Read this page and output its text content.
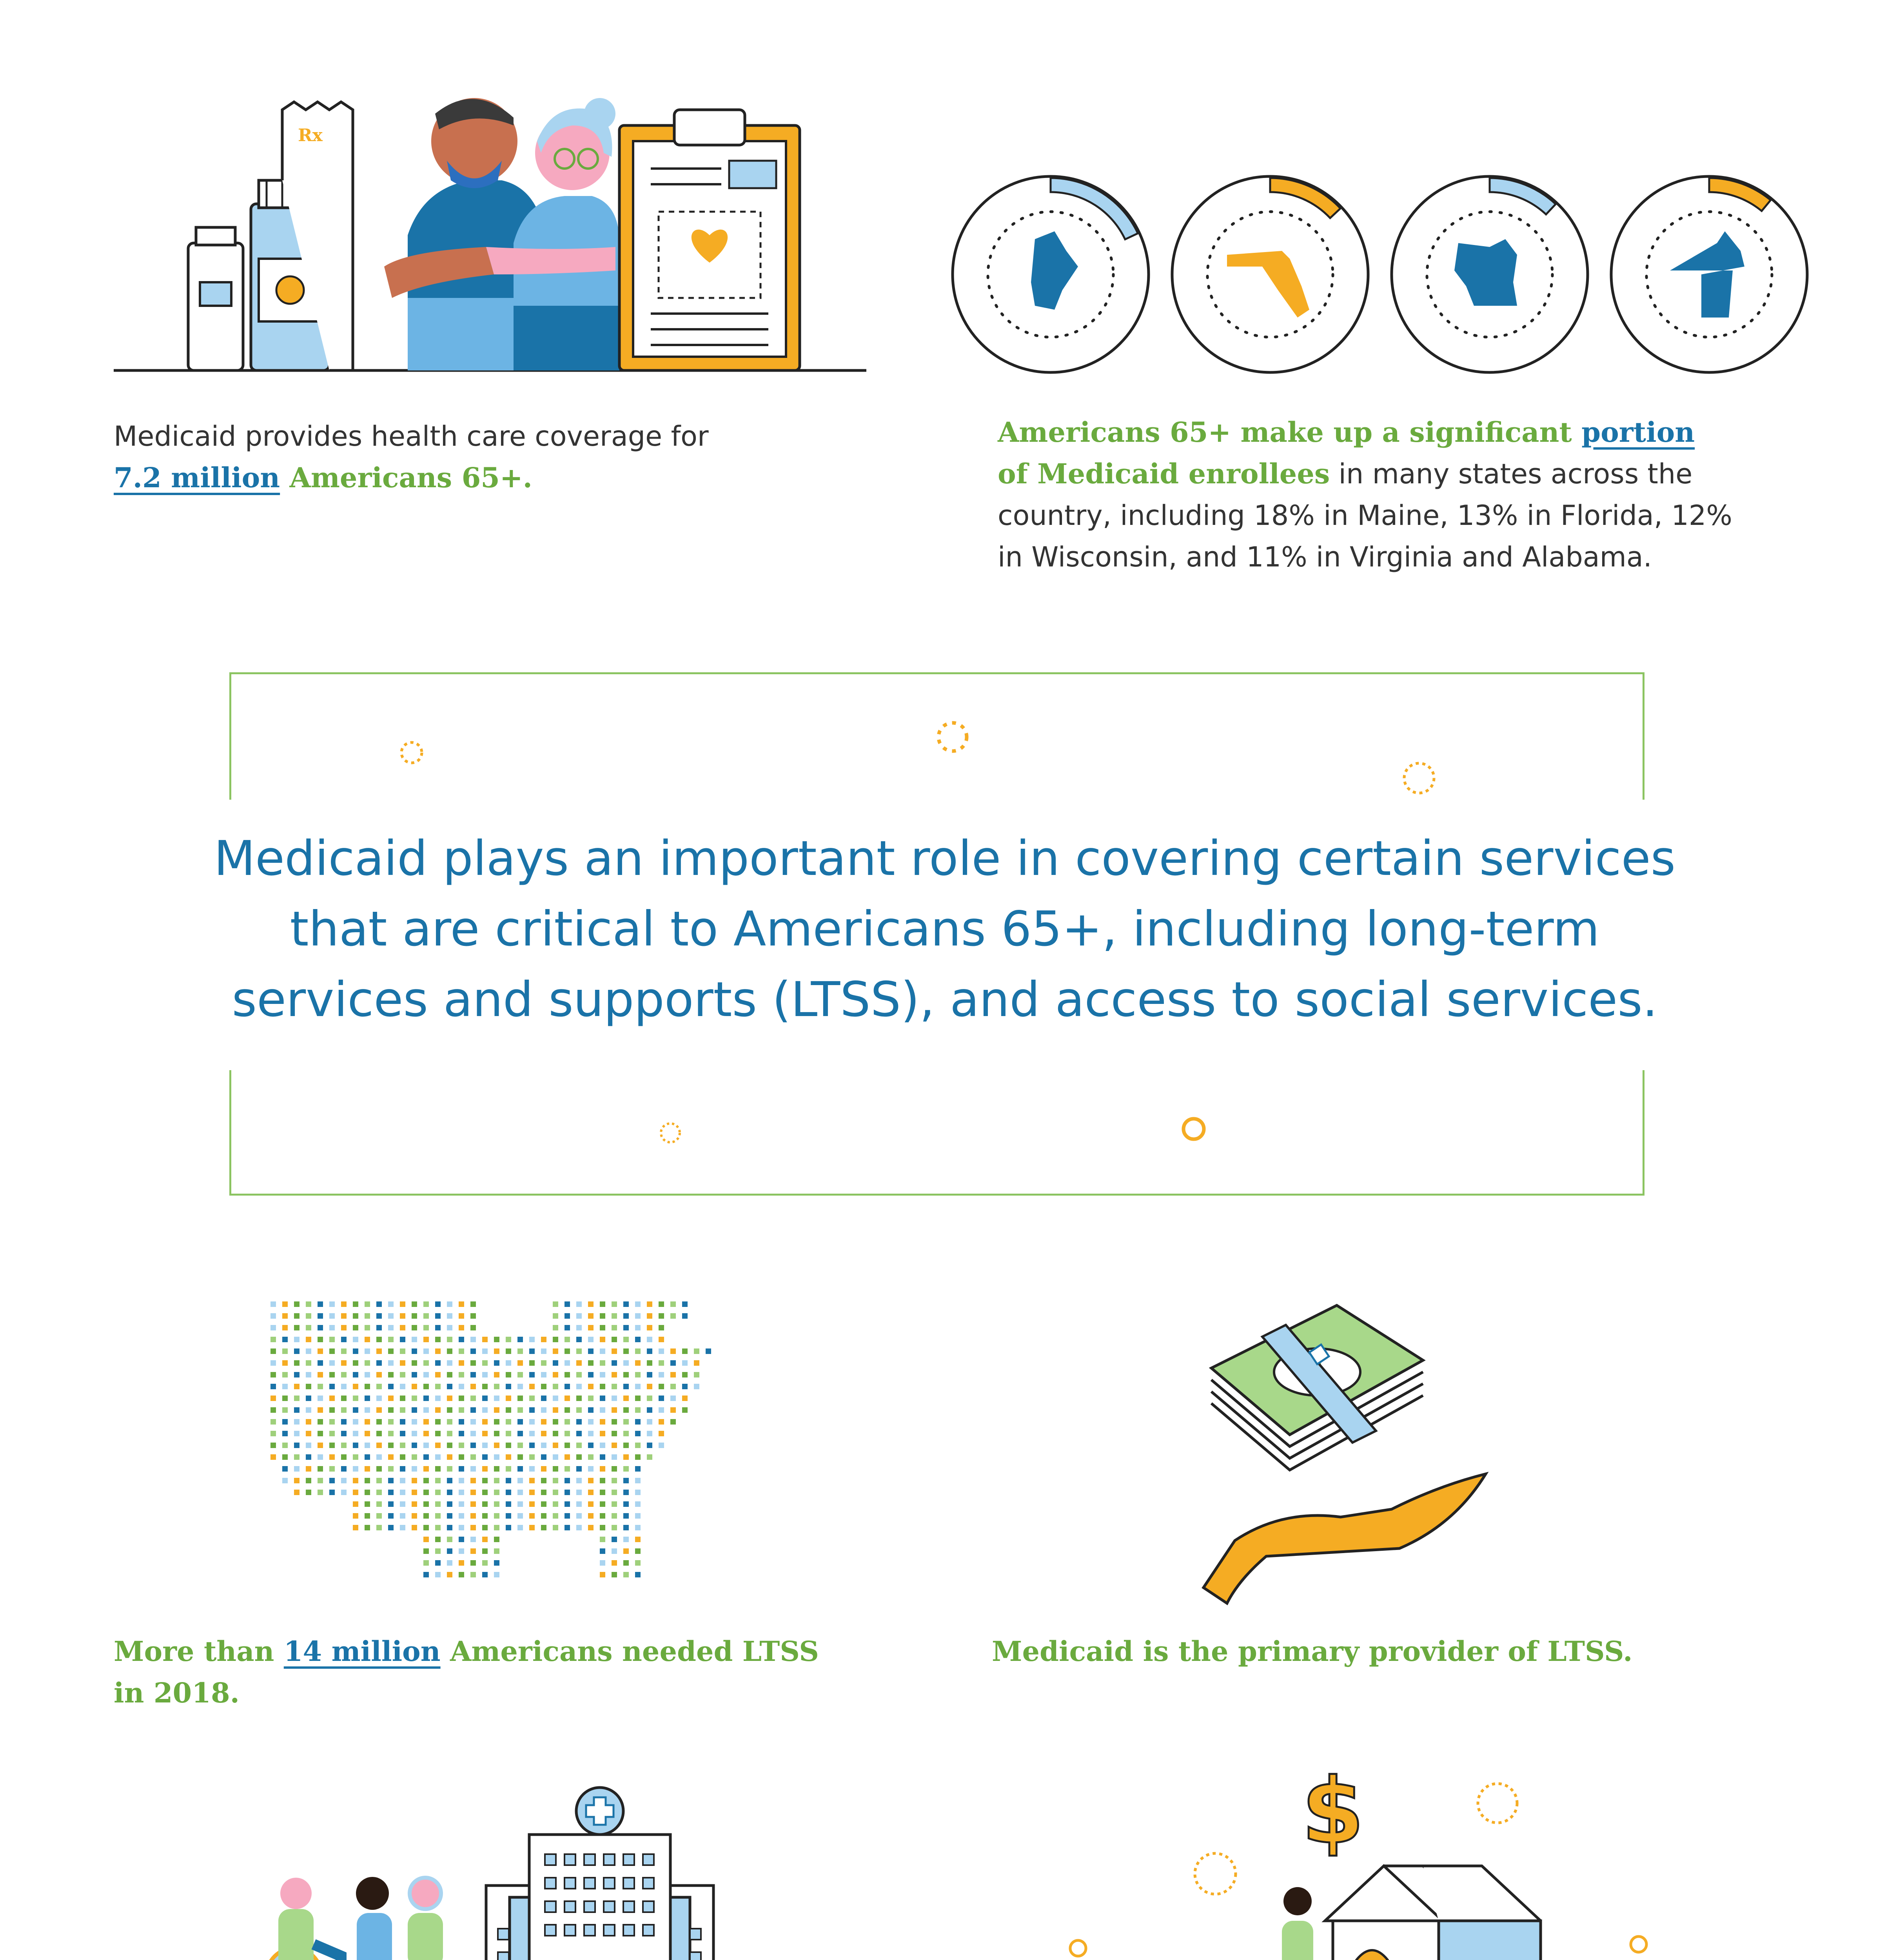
Rx
Medicaid provides health care coverage for
7.2 million Americans 65+.
Americans 65+ make up a significant portion
of Medicaid enrollees in many states across the
country, including 18% in Maine, 13% in Florida, 12%
in Wisconsin, and 11% in Virginia and Alabama.
Medicaid plays an important role in covering certain services
that are critical to Americans 65+, including long-term
services and supports (LTSS), and access to social services.
More than 14 million Americans needed LTSS
in 2018.
Medicaid is the primary provider of LTSS.
$
